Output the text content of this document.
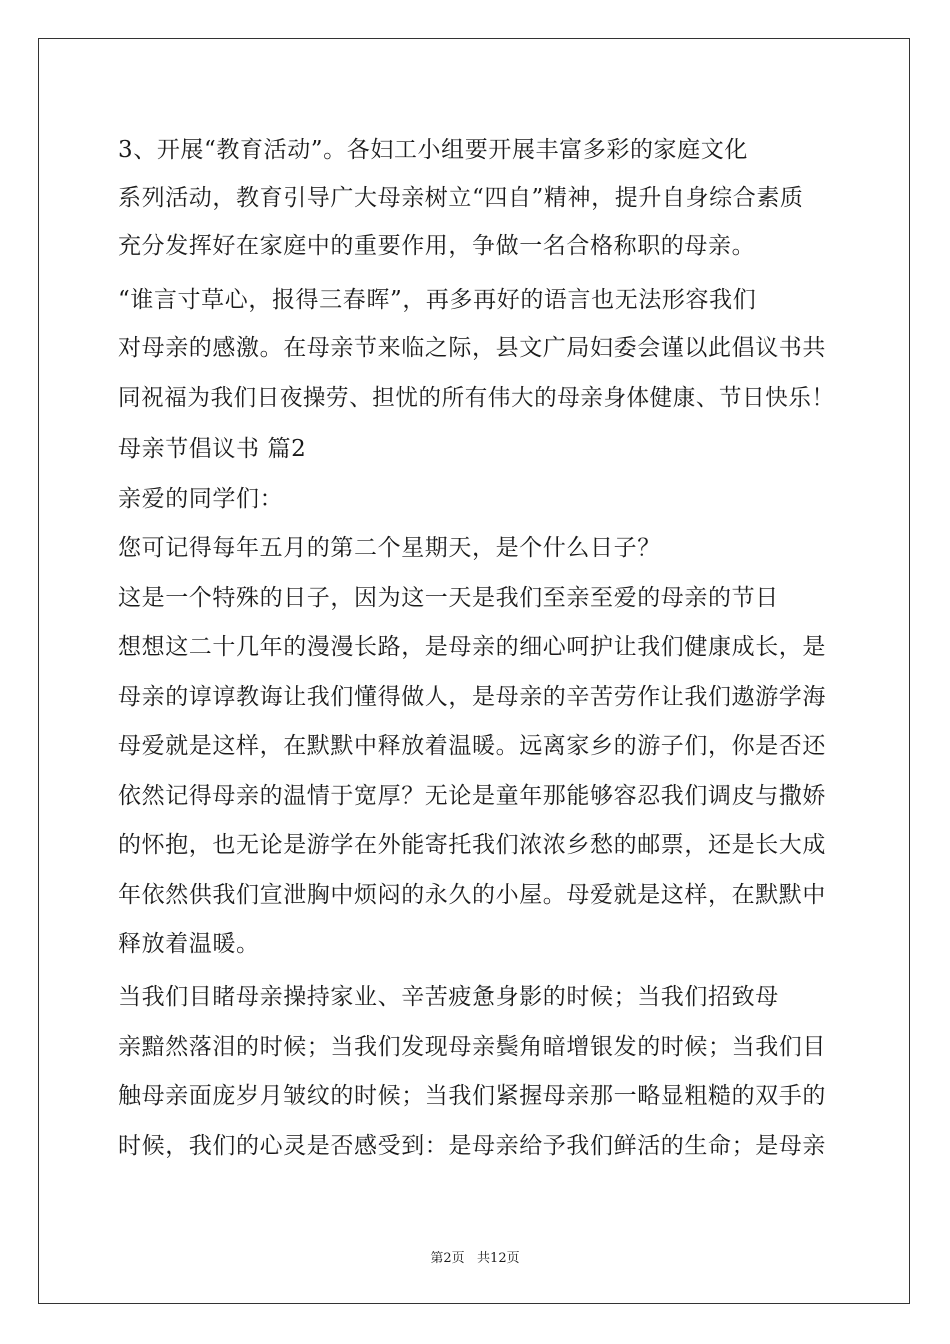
3、开展“教育活动”。各妇工小组要开展丰富多彩的家庭文化
系列活动，教育引导广大母亲树立“四自”精神，提升自身综合素质
充分发挥好在家庭中的重要作用，争做一名合格称职的母亲。
“谁言寸草心，报得三春晖”，再多再好的语言也无法形容我们
对母亲的感激。在母亲节来临之际，县文广局妇委会谨以此倡议书共
同祝福为我们日夜操劳、担忧的所有伟大的母亲身体健康、节日快乐！
母亲节倡议书 篇2
亲爱的同学们：
您可记得每年五月的第二个星期天，是个什么日子？
这是一个特殊的日子，因为这一天是我们至亲至爱的母亲的节日
想想这二十几年的漫漫长路，是母亲的细心呵护让我们健康成长，是
母亲的谆谆教诲让我们懂得做人，是母亲的辛苦劳作让我们遨游学海
母爱就是这样，在默默中释放着温暖。远离家乡的游子们，你是否还
依然记得母亲的温情于宽厚？无论是童年那能够容忍我们调皮与撒娇
的怀抱，也无论是游学在外能寄托我们浓浓乡愁的邮票，还是长大成
年依然供我们宣泄胸中烦闷的永久的小屋。母爱就是这样，在默默中
释放着温暖。
当我们目睹母亲操持家业、辛苦疲惫身影的时候；当我们招致母
亲黯然落泪的时候；当我们发现母亲鬓角暗增银发的时候；当我们目
触母亲面庞岁月皱纹的时候；当我们紧握母亲那一略显粗糙的双手的
时候，我们的心灵是否感受到：是母亲给予我们鲜活的生命；是母亲
第2页   共12页
